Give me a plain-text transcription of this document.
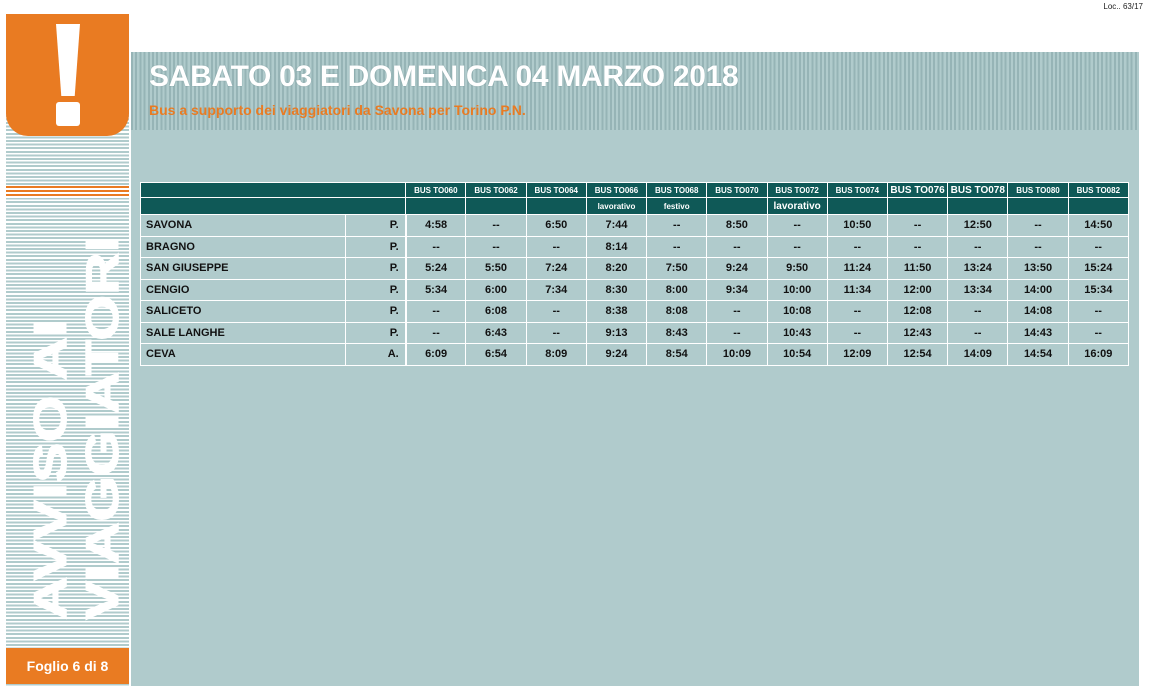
Loc.. 63/17
AVVISO AI VIAGGIATORI
Foglio 6 di 8
SABATO 03 E DOMENICA 04 MARZO 2018
Bus a supporto dei viaggiatori da Savona per Torino P.N.
		BUS TO060	BUS TO062	BUS TO064	BUS TO066	BUS TO068	BUS TO070	BUS TO072	BUS TO074	BUS TO076	BUS TO078	BUS TO080	BUS TO082
					lavorativo	festivo		lavorativo					
SAVONA	P.	4:58	--	6:50	7:44	--	8:50	--	10:50	--	12:50	--	14:50
BRAGNO	P.	--	--	--	8:14	--	--	--	--	--	--	--	--
SAN GIUSEPPE	P.	5:24	5:50	7:24	8:20	7:50	9:24	9:50	11:24	11:50	13:24	13:50	15:24
CENGIO	P.	5:34	6:00	7:34	8:30	8:00	9:34	10:00	11:34	12:00	13:34	14:00	15:34
SALICETO	P.	--	6:08	--	8:38	8:08	--	10:08	--	12:08	--	14:08	--
SALE LANGHE	P.	--	6:43	--	9:13	8:43	--	10:43	--	12:43	--	14:43	--
CEVA	A.	6:09	6:54	8:09	9:24	8:54	10:09	10:54	12:09	12:54	14:09	14:54	16:09
